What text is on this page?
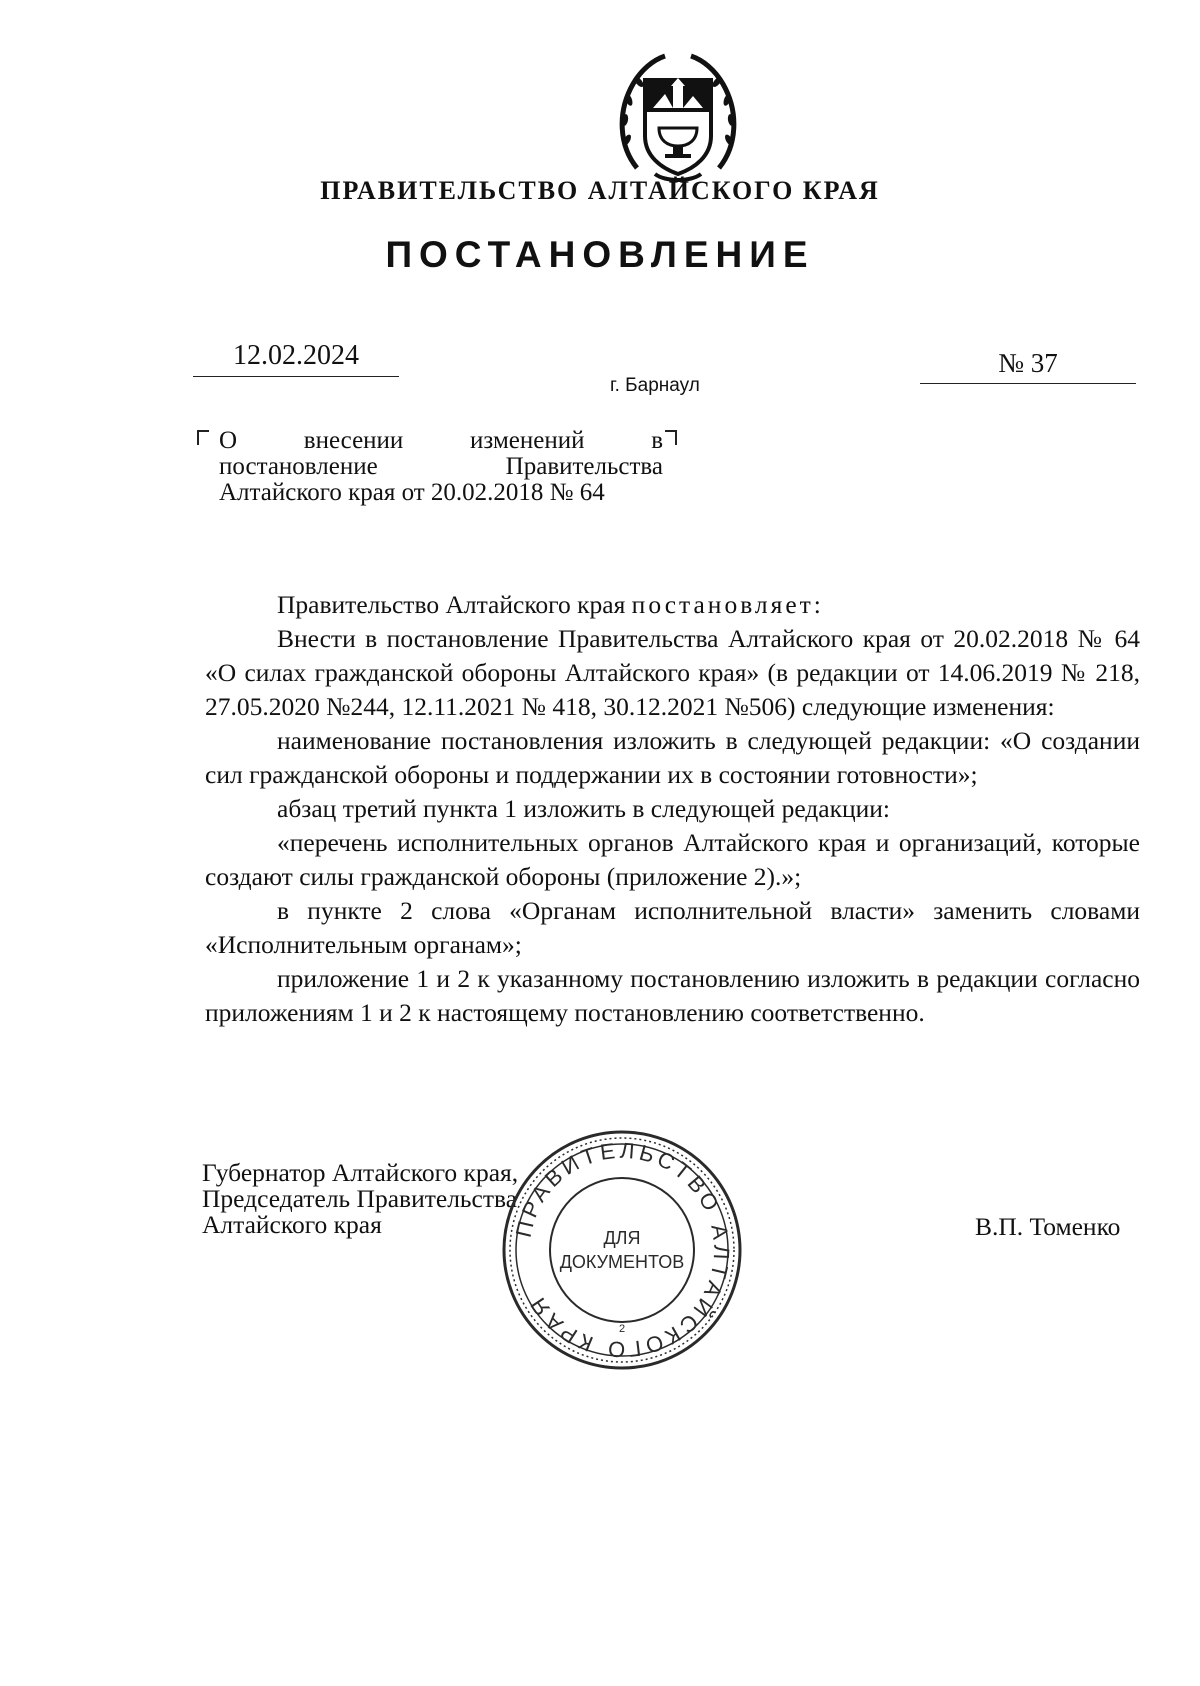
ПРАВИТЕЛЬСТВО АЛТАЙСКОГО КРАЯ
ПОСТАНОВЛЕНИЕ
12.02.2024	№ 37
г. Барнаул
О внесении изменений в
постановление Правительства
Алтайского края от 20.02.2018 № 64

Правительство Алтайского края постановляет:

Внести в постановление Правительства Алтайского края от 20.02.2018 № 64 «О силах гражданской обороны Алтайского края» (в редакции от 14.06.2019 № 218, 27.05.2020 №244, 12.11.2021 № 418, 30.12.2021 №506) следующие изменения:

наименование постановления изложить в следующей редакции: «О создании сил гражданской обороны и поддержании их в состоянии готовности»;

абзац третий пункта 1 изложить в следующей редакции:

«перечень исполнительных органов Алтайского края и организаций, которые создают силы гражданской обороны (приложение 2).»;

в пункте 2 слова «Органам исполнительной власти» заменить словами «Исполнительным органам»;

приложение 1 и 2 к указанному постановлению изложить в редакции согласно приложениям 1 и 2 к настоящему постановлению соответственно.

Губернатор Алтайского края,
Председатель Правительства
Алтайского края	В.П. Томенко
ПРАВИТЕЛЬСТВО АЛТАЙСКОГО КРАЯ
ДЛЯ
ДОКУМЕНТОВ
2
